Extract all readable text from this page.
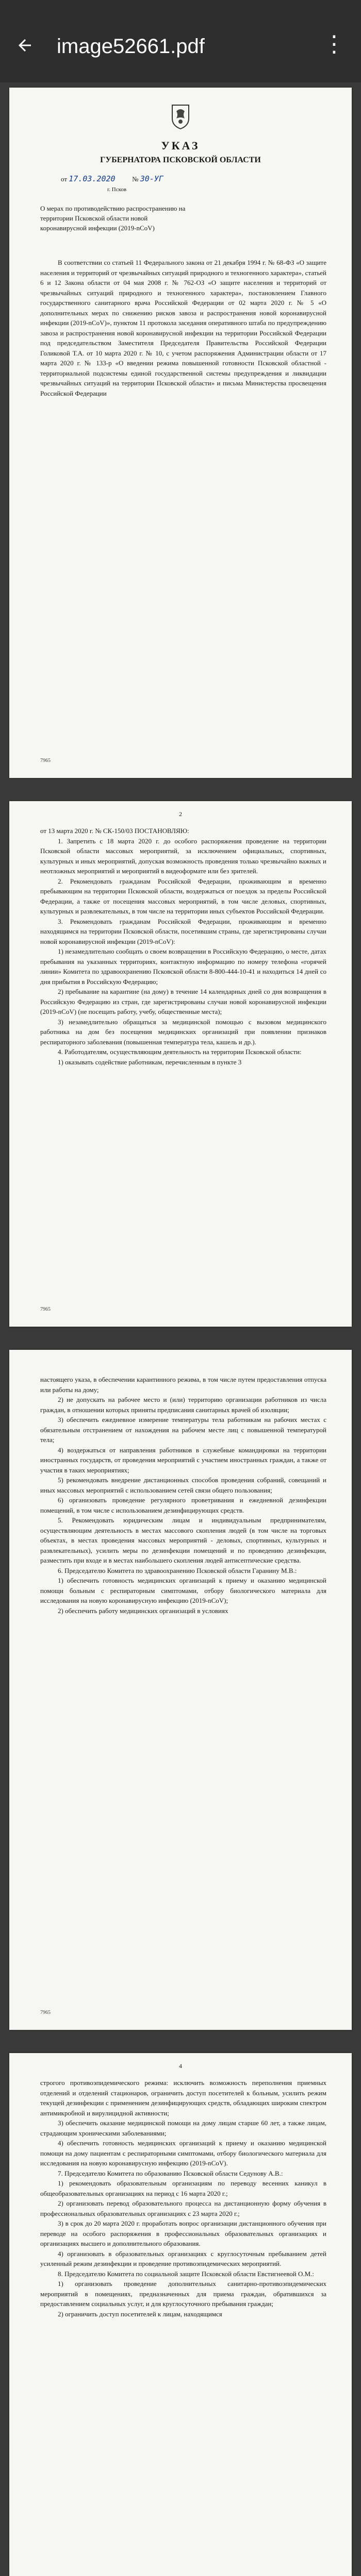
image52661.pdf	⋮
УКАЗ
ГУБЕРНАТОРА ПСКОВСКОЙ ОБЛАСТИ
от 17.03.2020	№ 30-УГ
г. Псков
О мерах по противодействию распространению на территории Псковской области новой коронавирусной инфекции (2019-nCoV)

В соответствии со статьей 11 Федерального закона от 21 декабря 1994 г. № 68-ФЗ «О защите населения и территорий от чрезвычайных ситуаций природного и техногенного характера», статьей 6 и 12 Закона области от 04 мая 2008 г. № 762-ОЗ «О защите населения и территорий от чрезвычайных ситуаций природного и техногенного характера», постановлением Главного государственного санитарного врача Российской Федерации от 02 марта 2020 г. № 5 «О дополнительных мерах по снижению рисков завоза и распространения новой коронавирусной инфекции (2019-nCoV)», пунктом 11 протокола заседания оперативного штаба по предупреждению завоза и распространения новой коронавирусной инфекции на территории Российской Федерации под председательством Заместителя Председателя Правительства Российской Федерации Голиковой Т.А. от 10 марта 2020 г. № 10, с учетом распоряжения Администрации области от 17 марта 2020 г. № 133-р «О введении режима повышенной готовности Псковской областной - территориальной подсистемы единой государственной системы предупреждения и ликвидации чрезвычайных ситуаций на территории Псковской области» и письма Министерства просвещения Российской Федерации

7965
2

от 13 марта 2020 г. № СК-150/03 ПОСТАНОВЛЯЮ:

1. Запретить с 18 марта 2020 г. до особого распоряжения проведение на территории Псковской области массовых мероприятий, за исключением официальных, спортивных, культурных и иных мероприятий, допуская возможность проведения только чрезвычайно важных и неотложных мероприятий и мероприятий в видеоформате или без зрителей.

2. Рекомендовать гражданам Российской Федерации, проживающим и временно пребывающим на территории Псковской области, воздержаться от поездок за пределы Российской Федерации, а также от посещения массовых мероприятий, в том числе деловых, спортивных, культурных и развлекательных, в том числе на территории иных субъектов Российской Федерации.

3. Рекомендовать гражданам Российской Федерации, проживающим и временно находящимся на территории Псковской области, посетившим страны, где зарегистрированы случаи новой коронавирусной инфекции (2019-nCoV):

1) незамедлительно сообщать о своем возвращении в Российскую Федерацию, о месте, датах пребывания на указанных территориях, контактную информацию по номеру телефона «горячей линии» Комитета по здравоохранению Псковской области 8-800-444-10-41 и находиться 14 дней со дня прибытия в Российскую Федерацию;

2) пребывание на карантине (на дому) в течение 14 календарных дней со дня возвращения в Российскую Федерацию из стран, где зарегистрированы случаи новой коронавирусной инфекции (2019-nCoV) (не посещать работу, учебу, общественные места);

3) незамедлительно обращаться за медицинской помощью с вызовом медицинского работника на дом без посещения медицинских организаций при появлении признаков респираторного заболевания (повышенная температура тела, кашель и др.).

4. Работодателям, осуществляющим деятельность на территории Псковской области:

1) оказывать содействие работникам, перечисленным в пункте 3

7965

настоящего указа, в обеспечении карантинного режима, в том числе путем предоставления отпуска или работы на дому;

2) не допускать на рабочее место и (или) территорию организации работников из числа граждан, в отношении которых приняты предписания санитарных врачей об изоляции;

3) обеспечить ежедневное измерение температуры тела работникам на рабочих местах с обязательным отстранением от нахождения на рабочем месте лиц с повышенной температурой тела;

4) воздержаться от направления работников в служебные командировки на территории иностранных государств, от проведения мероприятий с участием иностранных граждан, а также от участия в таких мероприятиях;

5) рекомендовать внедрение дистанционных способов проведения собраний, совещаний и иных массовых мероприятий с использованием сетей связи общего пользования;

6) организовать проведение регулярного проветривания и ежедневной дезинфекции помещений, в том числе с использованием дезинфицирующих средств.

5. Рекомендовать юридическим лицам и индивидуальным предпринимателям, осуществляющим деятельность в местах массового скопления людей (в том числе на торговых объектах, в местах проведения массовых мероприятий - деловых, спортивных, культурных и развлекательных), усилить меры по дезинфекции помещений и по проведению дезинфекции, разместить при входе и в местах наибольшего скопления людей антисептические средства.

6. Председателю Комитета по здравоохранению Псковской области Гаранину М.В.:

1) обеспечить готовность медицинских организаций к приему и оказанию медицинской помощи больным с респираторным симптомами, отбору биологического материала для исследования на новую коронавирусную инфекцию (2019-nCoV);

2) обеспечить работу медицинских организаций в условиях

7965
4

строгого противоэпидемического режима: исключить возможность переполнения приемных отделений и отделений стационаров, ограничить доступ посетителей к больным, усилить режим текущей дезинфекции с применением дезинфицирующих средств, обладающих широким спектром антимикробной и вирулицидной активности;

3) обеспечить оказание медицинской помощи на дому лицам старше 60 лет, а также лицам, страдающим хроническими заболеваниями;

4) обеспечить готовность медицинских организаций к приему и оказанию медицинской помощи на дому пациентам с респираторными симптомами, отбору биологического материала для исследования на новую коронавирусную инфекцию (2019-nCoV).

7. Председателю Комитета по образованию Псковской области Седунову А.В.:

1) рекомендовать образовательным организациям по переводу весенних каникул в общеобразовательных организациях на период с 16 марта 2020 г.;

2) организовать перевод образовательного процесса на дистанционную форму обучения в профессиональных образовательных организациях с 23 марта 2020 г.;

3) в срок до 20 марта 2020 г. проработать вопрос организации дистанционного обучения при переводе на особого распоряжения в профессиональных образовательных организациях и организациях высшего и дополнительного образования.

4) организовать в образовательных организациях с круглосуточным пребыванием детей усиленный режим дезинфекции и проведение противоэпидемических мероприятий.

8. Председателю Комитета по социальной защите Псковской области Евстигнеевой О.М.:

1) организовать проведение дополнительных санитарно-противоэпидемических мероприятий в помещениях, предназначенных для приема граждан, обратившихся за предоставлением социальных услуг, и для круглосуточного пребывания граждан;

2) ограничить доступ посетителей к лицам, находящимся
